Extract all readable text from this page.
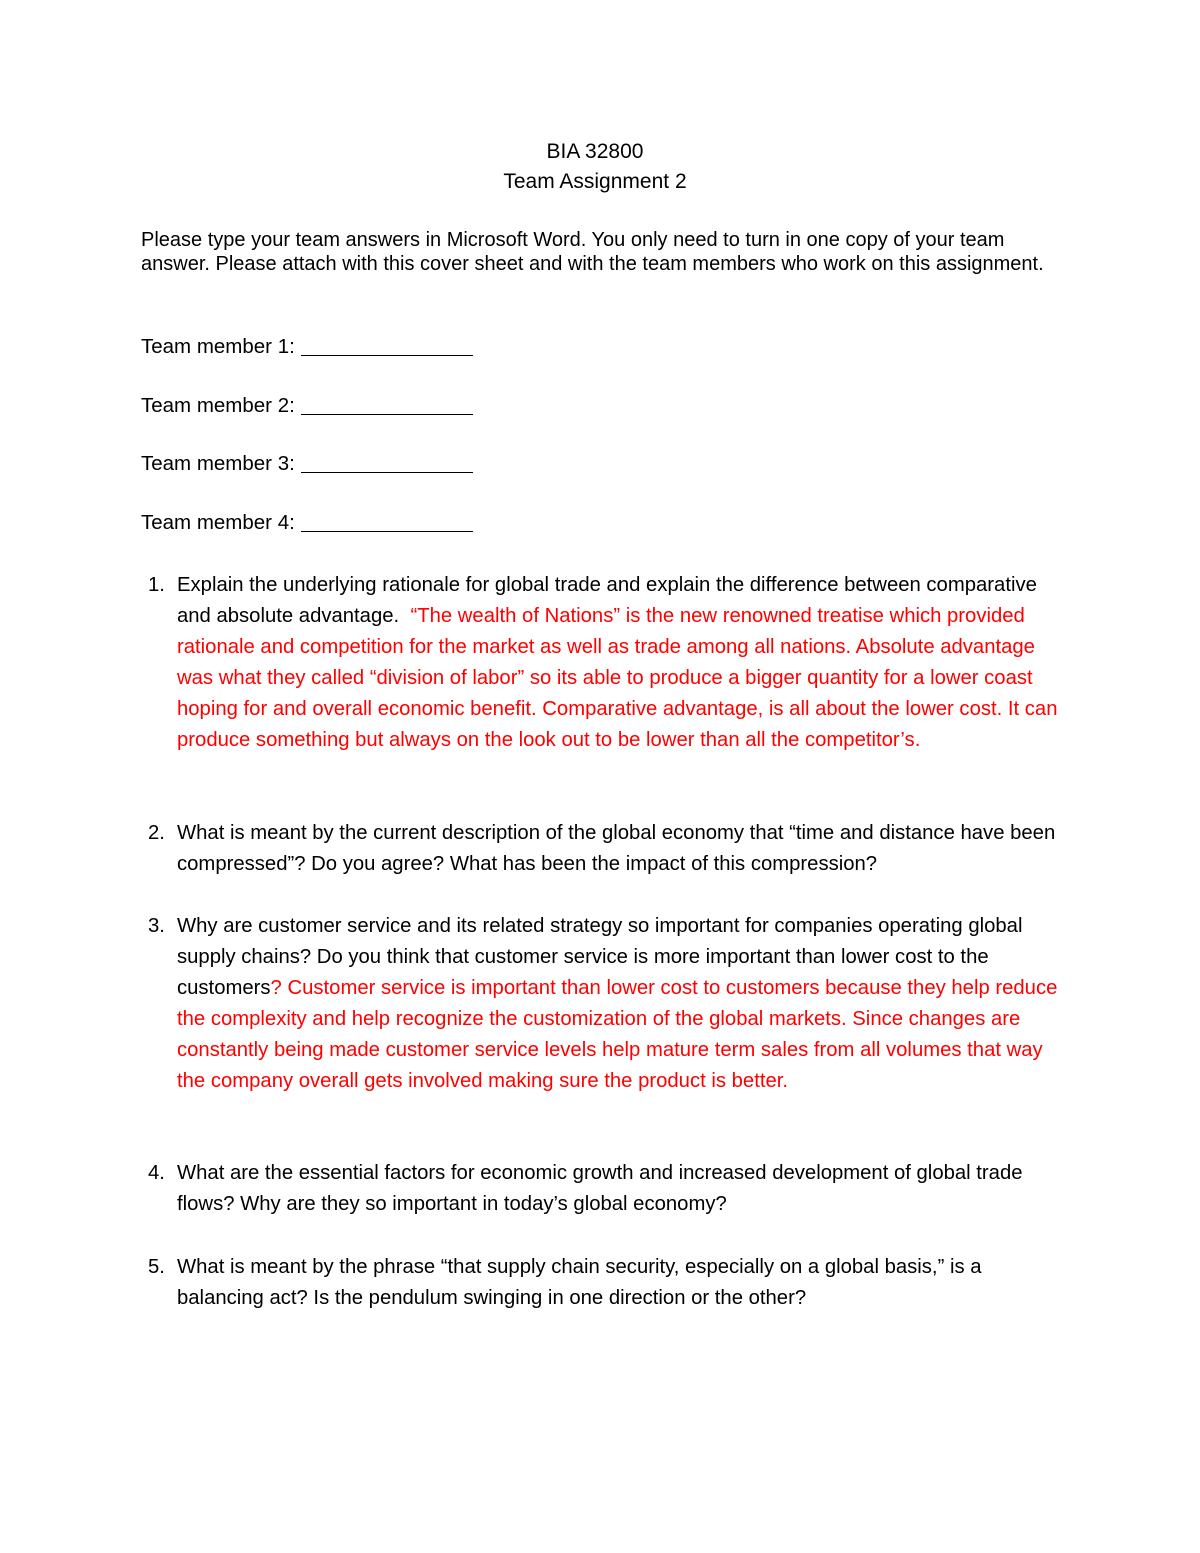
BIA 32800
Team Assignment 2
Please type your team answers in Microsoft Word. You only need to turn in one copy of your team answer. Please attach with this cover sheet and with the team members who work on this assignment.
Team member 1:
Team member 2:
Team member 3:
Team member 4:
1. Explain the underlying rationale for global trade and explain the difference between comparative and absolute advantage. “The wealth of Nations” is the new renowned treatise which provided rationale and competition for the market as well as trade among all nations. Absolute advantage was what they called “division of labor” so its able to produce a bigger quantity for a lower coast hoping for and overall economic benefit. Comparative advantage, is all about the lower cost. It can produce something but always on the look out to be lower than all the competitor’s.
2. What is meant by the current description of the global economy that “time and distance have been compressed”? Do you agree? What has been the impact of this compression?
3. Why are customer service and its related strategy so important for companies operating global supply chains? Do you think that customer service is more important than lower cost to the customers? Customer service is important than lower cost to customers because they help reduce the complexity and help recognize the customization of the global markets. Since changes are constantly being made customer service levels help mature term sales from all volumes that way the company overall gets involved making sure the product is better.
4. What are the essential factors for economic growth and increased development of global trade flows? Why are they so important in today’s global economy?
5. What is meant by the phrase “that supply chain security, especially on a global basis,” is a balancing act? Is the pendulum swinging in one direction or the other?
